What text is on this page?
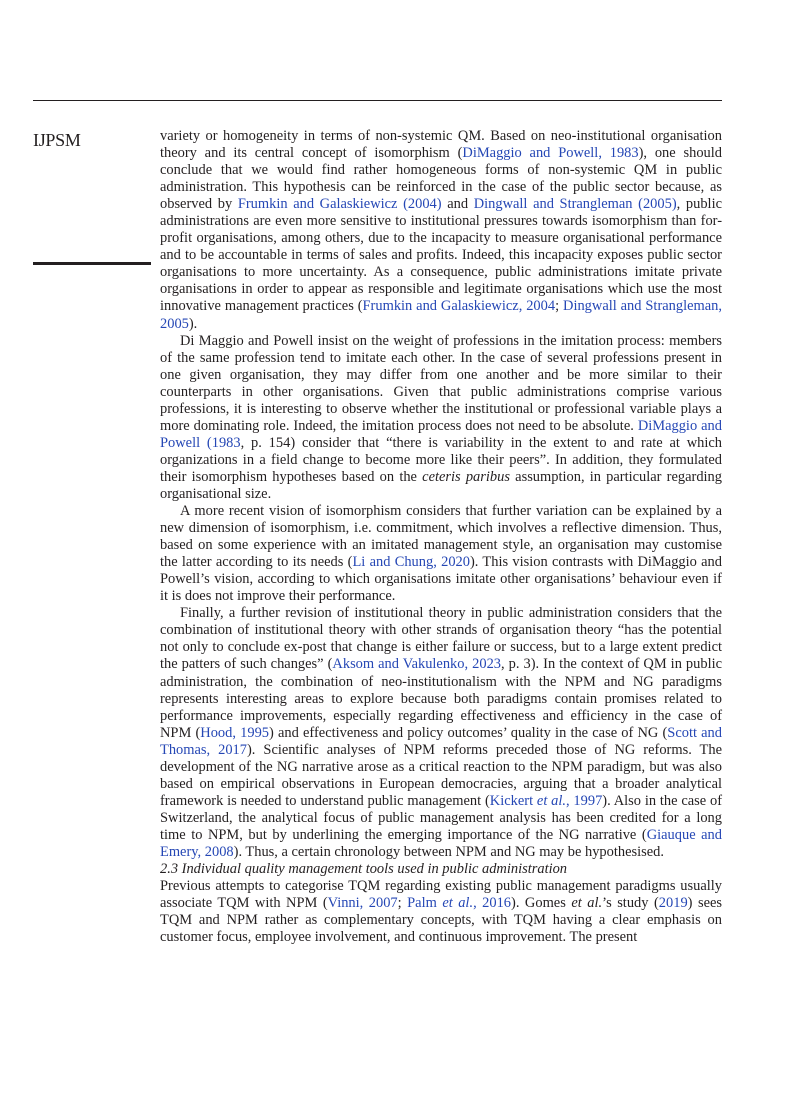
IJPSM	variety or homogeneity in terms of non-systemic QM. Based on neo-institutional organisation theory and its central concept of isomorphism (DiMaggio and Powell, 1983), one should conclude that we would find rather homogeneous forms of non-systemic QM in public administration. This hypothesis can be reinforced in the case of the public sector because, as observed by Frumkin and Galaskiewicz (2004) and Dingwall and Strangleman (2005), public administrations are even more sensitive to institutional pressures towards isomorphism than for-profit organisations, among others, due to the incapacity to measure organisational performance and to be accountable in terms of sales and profits. Indeed, this incapacity exposes public sector organisations to more uncertainty. As a consequence, public administrations imitate private organisations in order to appear as responsible and legitimate organisations which use the most innovative management practices (Frumkin and Galaskiewicz, 2004; Dingwall and Strangleman, 2005).

Di Maggio and Powell insist on the weight of professions in the imitation process: members of the same profession tend to imitate each other. In the case of several professions present in one given organisation, they may differ from one another and be more similar to their counterparts in other organisations. Given that public administrations comprise various professions, it is interesting to observe whether the institutional or professional variable plays a more dominating role. Indeed, the imitation process does not need to be absolute. DiMaggio and Powell (1983, p. 154) consider that “there is variability in the extent to and rate at which organizations in a field change to become more like their peers”. In addition, they formulated their isomorphism hypotheses based on the ceteris paribus assumption, in particular regarding organisational size.

A more recent vision of isomorphism considers that further variation can be explained by a new dimension of isomorphism, i.e. commitment, which involves a reflective dimension. Thus, based on some experience with an imitated management style, an organisation may customise the latter according to its needs (Li and Chung, 2020). This vision contrasts with DiMaggio and Powell’s vision, according to which organisations imitate other organisations’ behaviour even if it is does not improve their performance.

Finally, a further revision of institutional theory in public administration considers that the combination of institutional theory with other strands of organisation theory “has the potential not only to conclude ex-post that change is either failure or success, but to a large extent predict the patters of such changes” (Aksom and Vakulenko, 2023, p. 3). In the context of QM in public administration, the combination of neo-institutionalism with the NPM and NG paradigms represents interesting areas to explore because both paradigms contain promises related to performance improvements, especially regarding effectiveness and efficiency in the case of NPM (Hood, 1995) and effectiveness and policy outcomes’ quality in the case of NG (Scott and Thomas, 2017). Scientific analyses of NPM reforms preceded those of NG reforms. The development of the NG narrative arose as a critical reaction to the NPM paradigm, but was also based on empirical observations in European democracies, arguing that a broader analytical framework is needed to understand public management (Kickert et al., 1997). Also in the case of Switzerland, the analytical focus of public management analysis has been credited for a long time to NPM, but by underlining the emerging importance of the NG narrative (Giauque and Emery, 2008). Thus, a certain chronology between NPM and NG may be hypothesised.

2.3 Individual quality management tools used in public administration

Previous attempts to categorise TQM regarding existing public management paradigms usually associate TQM with NPM (Vinni, 2007; Palm et al., 2016). Gomes et al.’s study (2019) sees TQM and NPM rather as complementary concepts, with TQM having a clear emphasis on customer focus, employee involvement, and continuous improvement. The present
